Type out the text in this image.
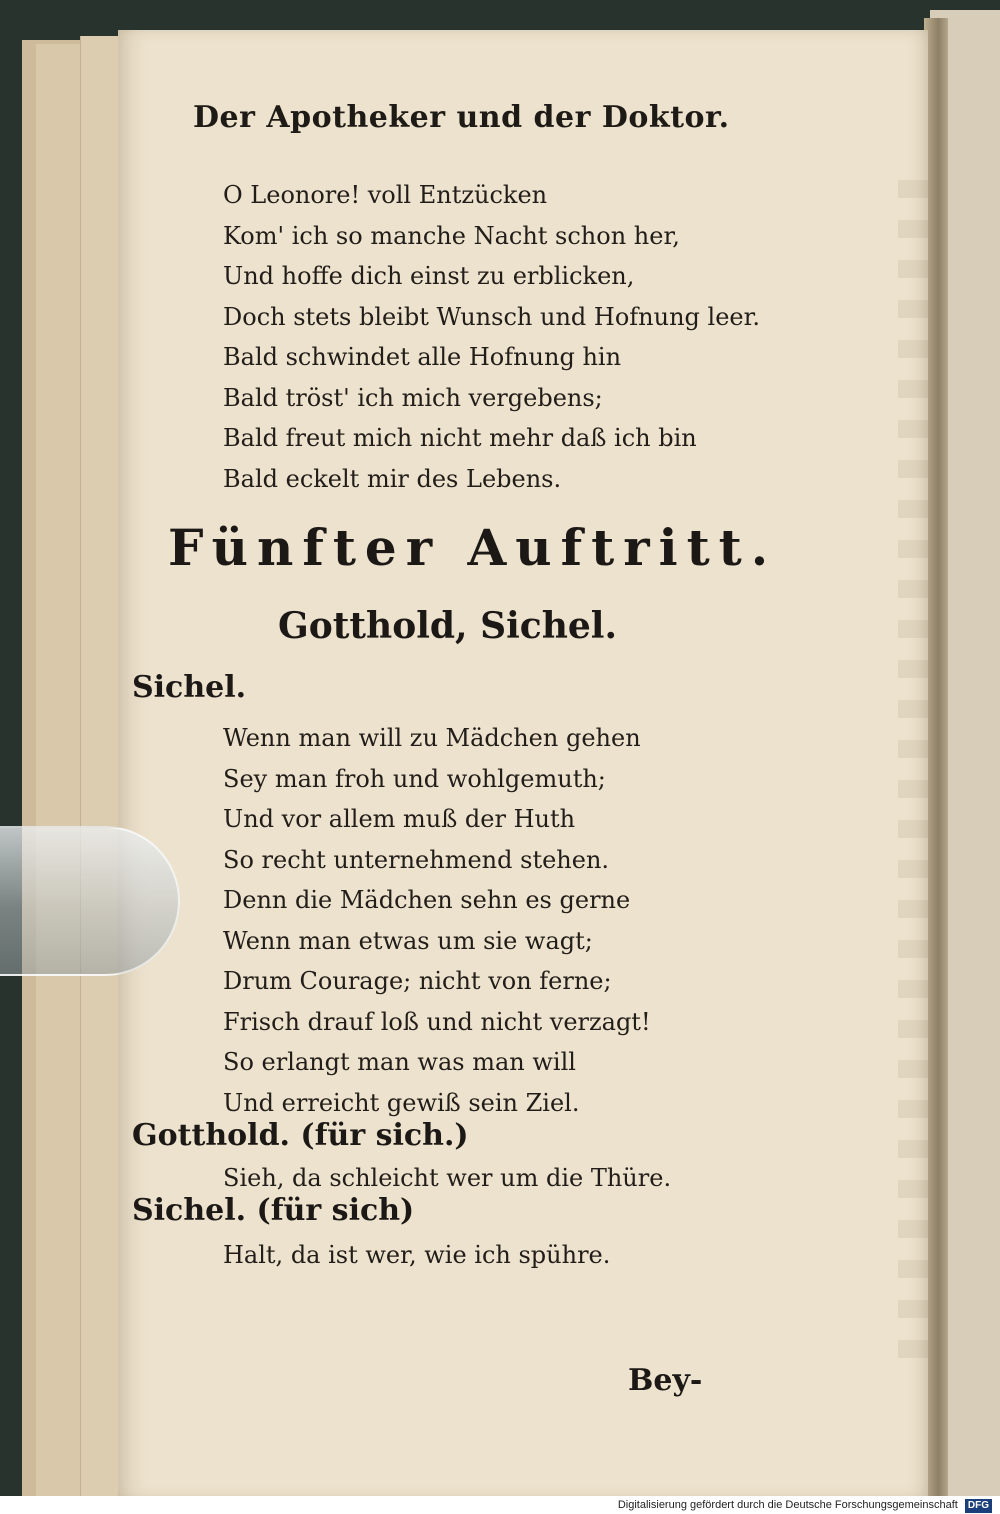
Der Apotheker und der Doktor.
O Leonore! voll Entzücken
Kom' ich so manche Nacht schon her,
Und hoffe dich einst zu erblicken,
Doch stets bleibt Wunsch und Hofnung leer.
Bald schwindet alle Hofnung hin
Bald tröst' ich mich vergebens;
Bald freut mich nicht mehr daß ich bin
Bald eckelt mir des Lebens.
Fünfter Auftritt.
Gotthold, Sichel.
Sichel.
Wenn man will zu Mädchen gehen
Sey man froh und wohlgemuth;
Und vor allem muß der Huth
So recht unternehmend stehen.
Denn die Mädchen sehn es gerne
Wenn man etwas um sie wagt;
Drum Courage; nicht von ferne;
Frisch drauf loß und nicht verzagt!
So erlangt man was man will
Und erreicht gewiß sein Ziel.
Gotthold. (für sich.)
Sieh, da schleicht wer um die Thüre.
Sichel. (für sich)
Halt, da ist wer, wie ich spühre.
Bey-
Digitalisierung gefördert durch die Deutsche Forschungsgemeinschaft DFG
